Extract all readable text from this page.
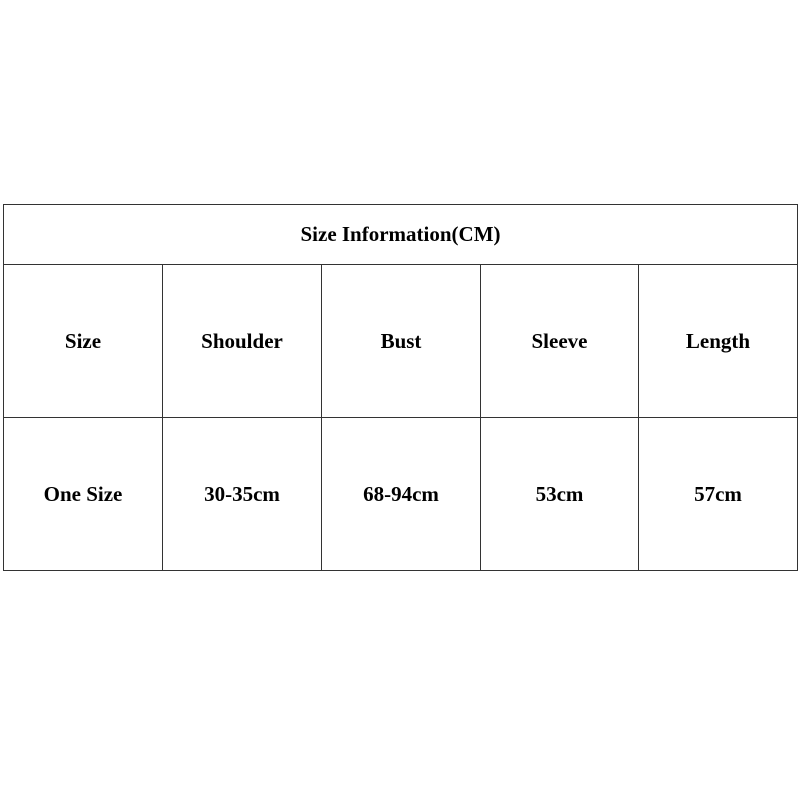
Size Information(CM)				
Size	Shoulder	Bust	Sleeve	Length
One Size	30-35cm	68-94cm	53cm	57cm
